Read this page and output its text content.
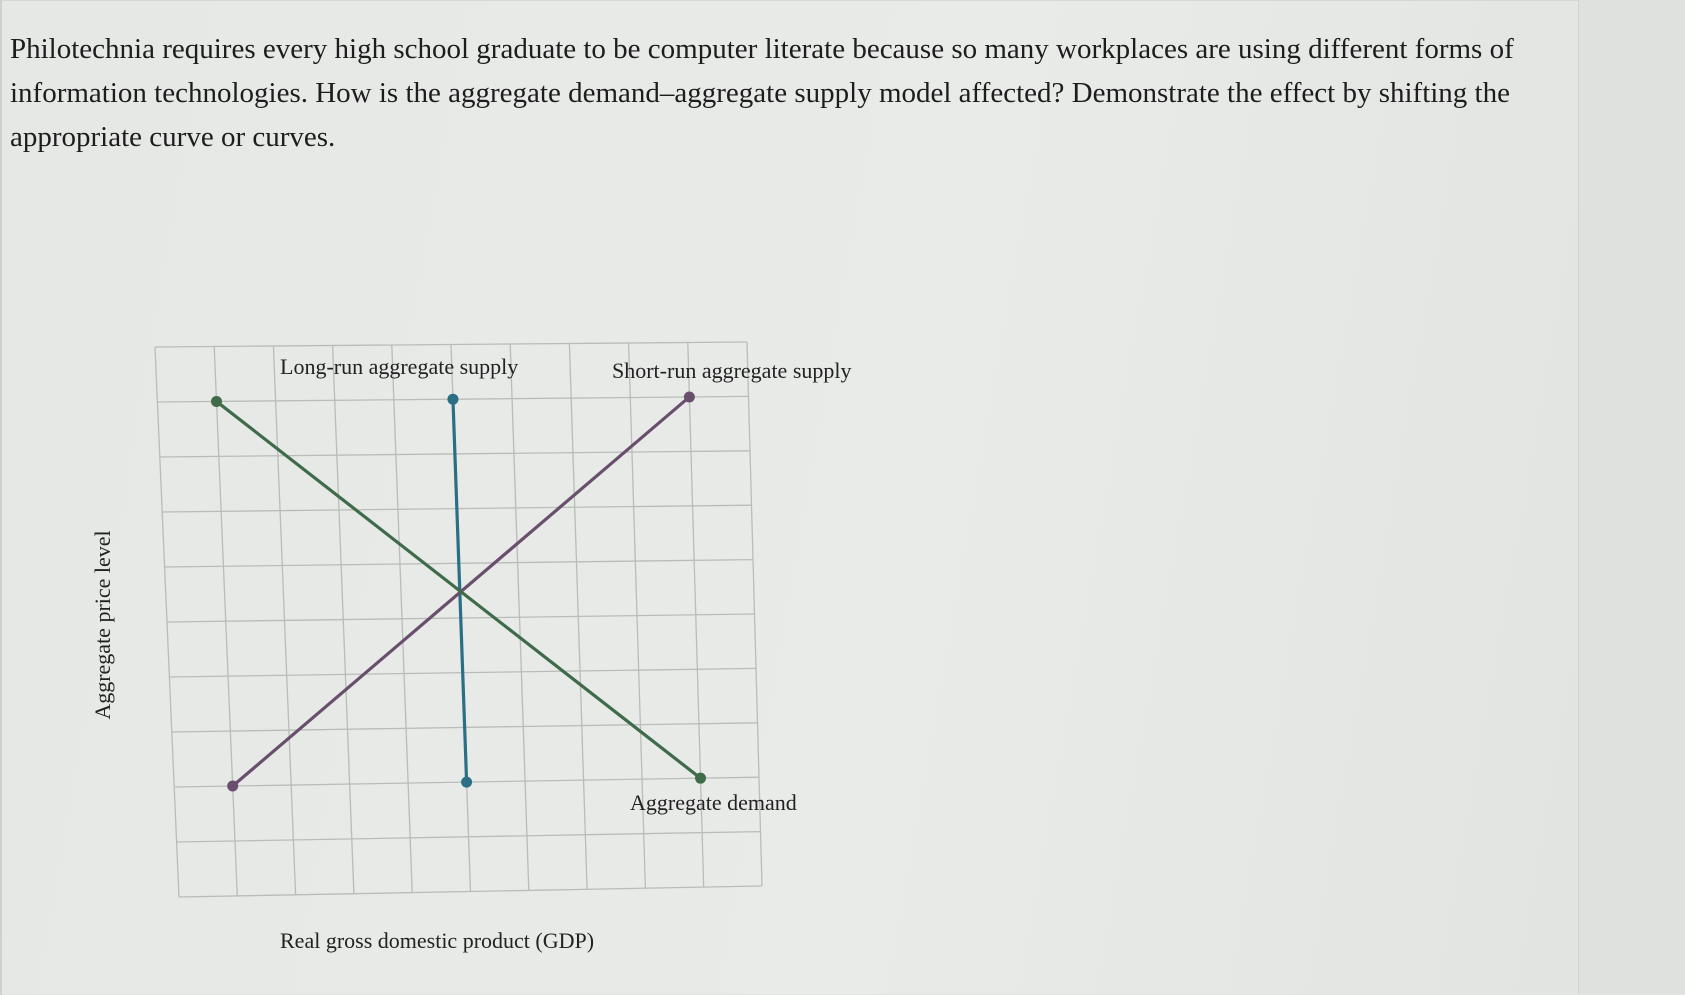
Philotechnia requires every high school graduate to be computer literate because so many workplaces are using different forms of information technologies. How is the aggregate demand–aggregate supply model affected? Demonstrate the effect by shifting the appropriate curve or curves.

Aggregate price level
Real gross domestic product (GDP)
Long-run aggregate supply	Short-run aggregate supply
Aggregate demand
